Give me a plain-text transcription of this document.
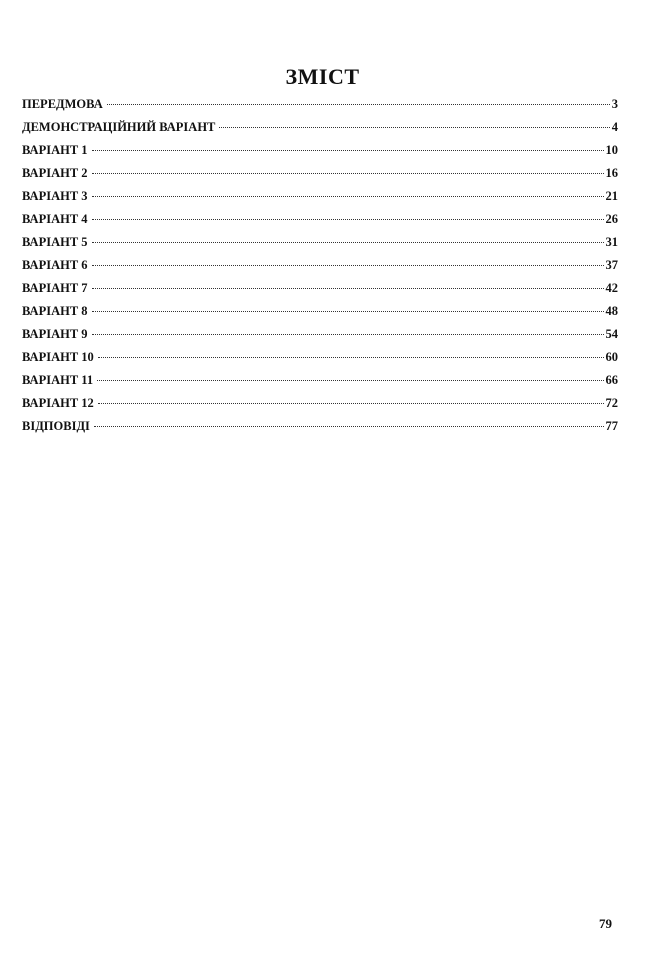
ЗМІСТ
ПЕРЕДМОВА	3
ДЕМОНСТРАЦІЙНИЙ ВАРІАНТ	4
ВАРІАНТ 1	10
ВАРІАНТ 2	16
ВАРІАНТ 3	21
ВАРІАНТ 4	26
ВАРІАНТ 5	31
ВАРІАНТ 6	37
ВАРІАНТ 7	42
ВАРІАНТ 8	48
ВАРІАНТ 9	54
ВАРІАНТ 10	60
ВАРІАНТ 11	66
ВАРІАНТ 12	72
ВІДПОВІДІ	77
79
